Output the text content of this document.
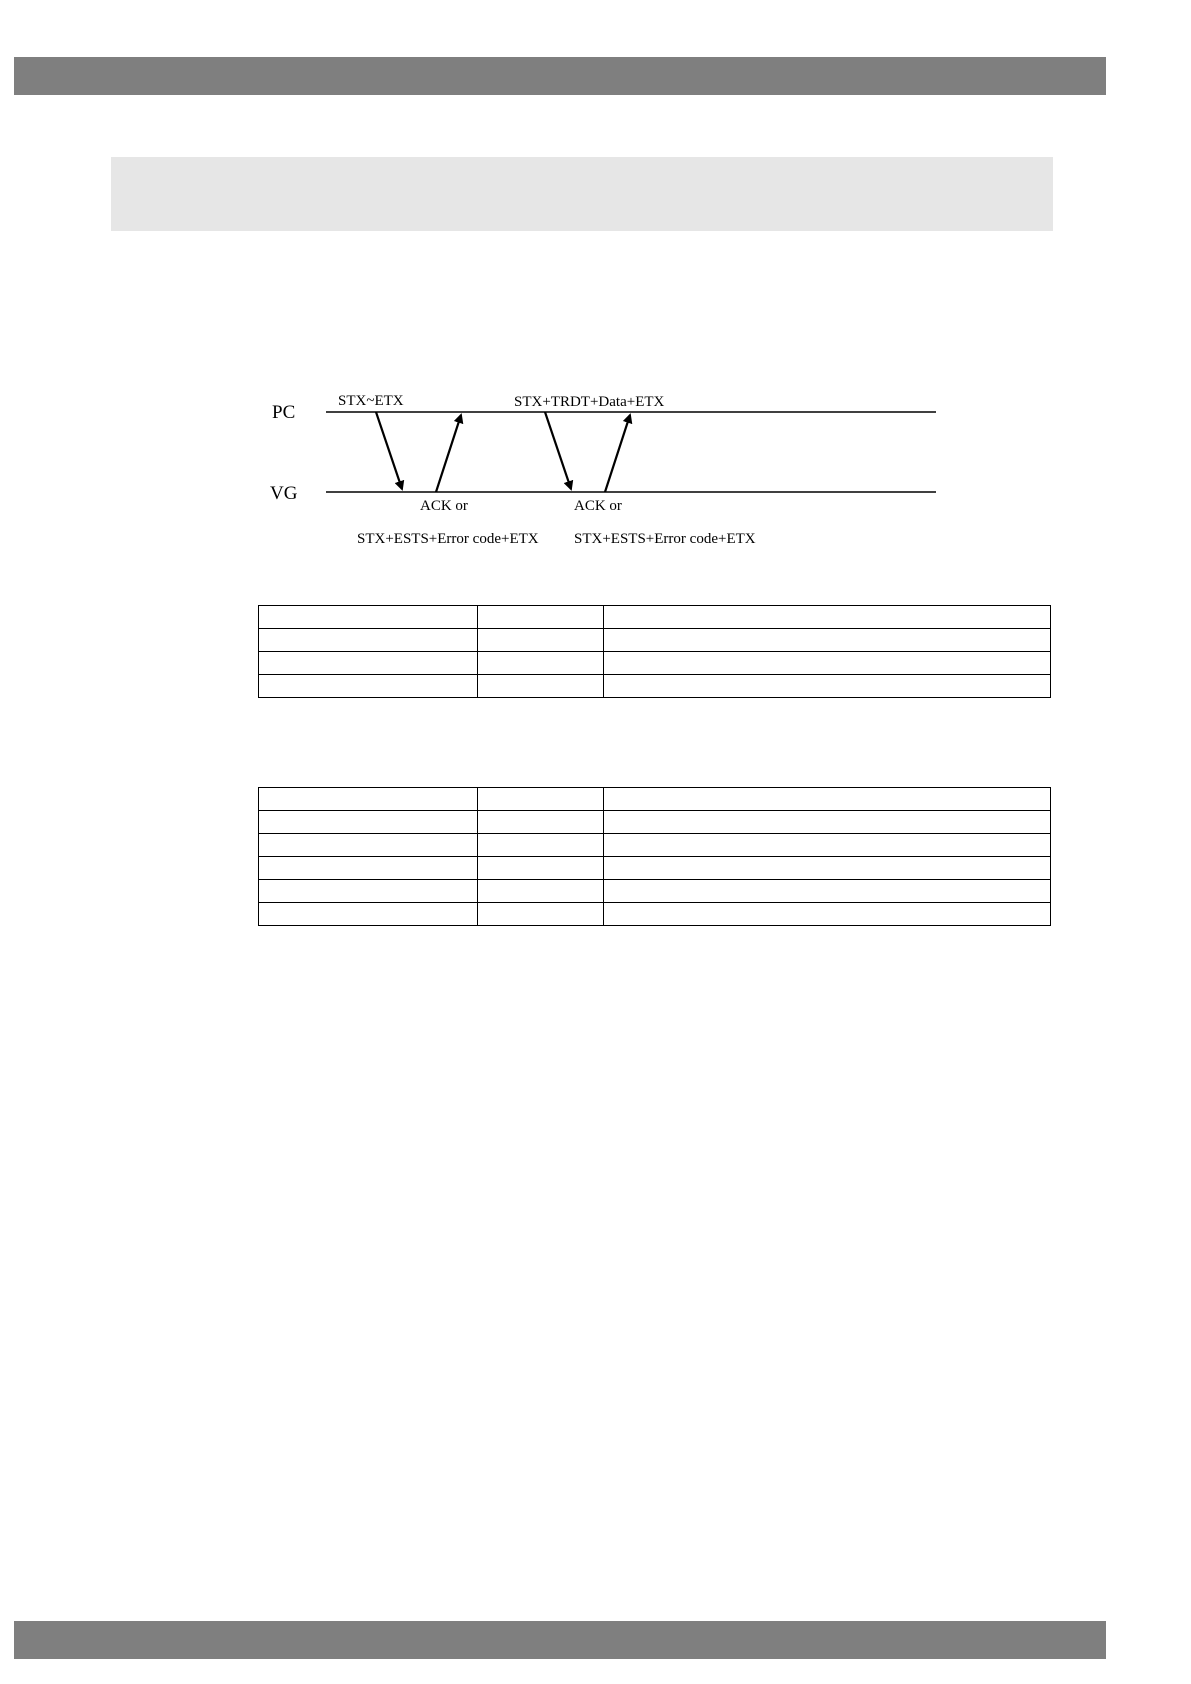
PC
VG
STX~ETX	STX+TRDT+Data+ETX
ACK or
STX+ESTS+Error code+ETX
ACK or
STX+ESTS+Error code+ETX
